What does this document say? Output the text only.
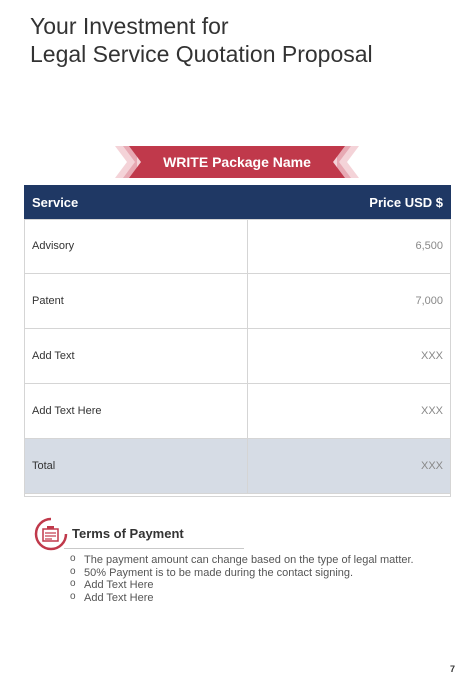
Your Investment for
Legal Service Quotation Proposal
WRITE Package Name
Service	Price USD $
Advisory	6,500
Patent	7,000
Add Text	XXX
Add Text Here	XXX
Total	XXX
Terms of Payment
o The payment amount can change based on the type of legal matter.
o 50% Payment is to be made during the contact signing.
o Add Text Here
o Add Text Here
7
